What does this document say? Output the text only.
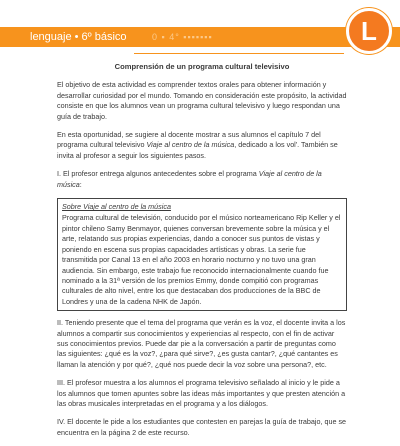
lenguaje • 6º básico	0 ▪ 4° ▪▪▪▪▪▪▪	L
Comprensión de un programa cultural televisivo
El objetivo de esta actividad es comprender textos orales para obtener información y desarrollar curiosidad por el mundo. Tomando en consideración este propósito, la actividad consiste en que los alumnos vean un programa cultural televisivo y luego respondan una guía de trabajo.
En esta oportunidad, se sugiere al docente mostrar a sus alumnos el capítulo 7 del programa cultural televisivo Viaje al centro de la música, dedicado a los vol'. También se invita al profesor a seguir los siguientes pasos.
I. El profesor entrega algunos antecedentes sobre el programa Viaje al centro de la música:
Sobre Viaje al centro de la música
Programa cultural de televisión, conducido por el músico norteamericano Rip Keller y el pintor chileno Samy Benmayor, quienes conversan brevemente sobre la música y el arte, relatando sus propias experiencias, dando a conocer sus puntos de vistas y poniendo en escena sus propias capacidades artísticas y obras. La serie fue transmitida por Canal 13 en el año 2003 en horario nocturno y no tuvo una gran audiencia. Sin embargo, este trabajo fue reconocido internacionalmente cuando fue nominado a la 31ª versión de los premios Emmy, donde compitió con programas culturales de alto nivel, entre los que destacaban dos producciones de la BBC de Londres y una de la cadena NHK de Japón.
II. Teniendo presente que el tema del programa que verán es la voz, el docente invita a los alumnos a compartir sus conocimientos y experiencias al respecto, con el fin de activar sus conocimientos previos. Puede dar pie a la conversación a partir de preguntas como las siguientes: ¿qué es la voz?, ¿para qué sirve?, ¿es gusta cantar?, ¿qué cantantes es llaman la atención y por qué?, ¿qué nos puede decir la voz sobre una persona?, etc.
III. El profesor muestra a los alumnos el programa televisivo señalado al inicio y le pide a los alumnos que tomen apuntes sobre las ideas más importantes y que presten atención a las obras musicales interpretadas en el programa y a los diálogos.
IV. El docente le pide a los estudiantes que contesten en parejas la guía de trabajo, que se encuentra en la página 2 de este recurso.
